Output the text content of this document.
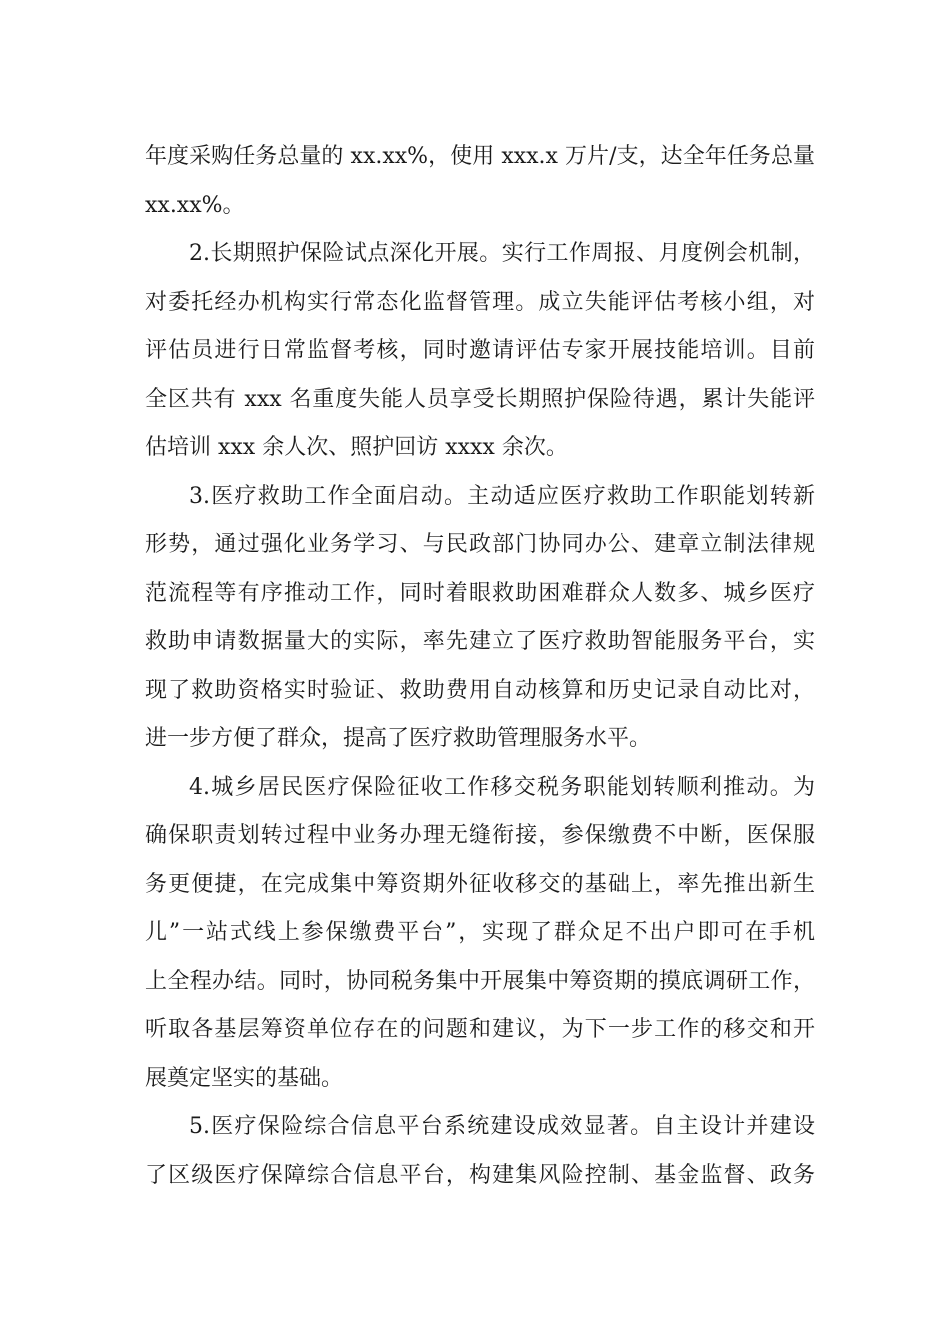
年度采购任务总量的 xx.xx%，使用 xxx.x 万片/支，达全年任务总量
xx.xx%。
2.长期照护保险试点深化开展。实行工作周报、月度例会机制，
对委托经办机构实行常态化监督管理。成立失能评估考核小组，对
评估员进行日常监督考核，同时邀请评估专家开展技能培训。目前
全区共有 xxx 名重度失能人员享受长期照护保险待遇，累计失能评
估培训 xxx 余人次、照护回访 xxxx 余次。
3.医疗救助工作全面启动。主动适应医疗救助工作职能划转新
形势，通过强化业务学习、与民政部门协同办公、建章立制法律规
范流程等有序推动工作，同时着眼救助困难群众人数多、城乡医疗
救助申请数据量大的实际，率先建立了医疗救助智能服务平台，实
现了救助资格实时验证、救助费用自动核算和历史记录自动比对，
进一步方便了群众，提高了医疗救助管理服务水平。
4.城乡居民医疗保险征收工作移交税务职能划转顺利推动。为
确保职责划转过程中业务办理无缝衔接，参保缴费不中断，医保服
务更便捷，在完成集中筹资期外征收移交的基础上，率先推出新生
儿”一站式线上参保缴费平台”，实现了群众足不出户即可在手机
上全程办结。同时，协同税务集中开展集中筹资期的摸底调研工作，
听取各基层筹资单位存在的问题和建议，为下一步工作的移交和开
展奠定坚实的基础。
5.医疗保险综合信息平台系统建设成效显著。自主设计并建设
了区级医疗保障综合信息平台，构建集风险控制、基金监督、政务
